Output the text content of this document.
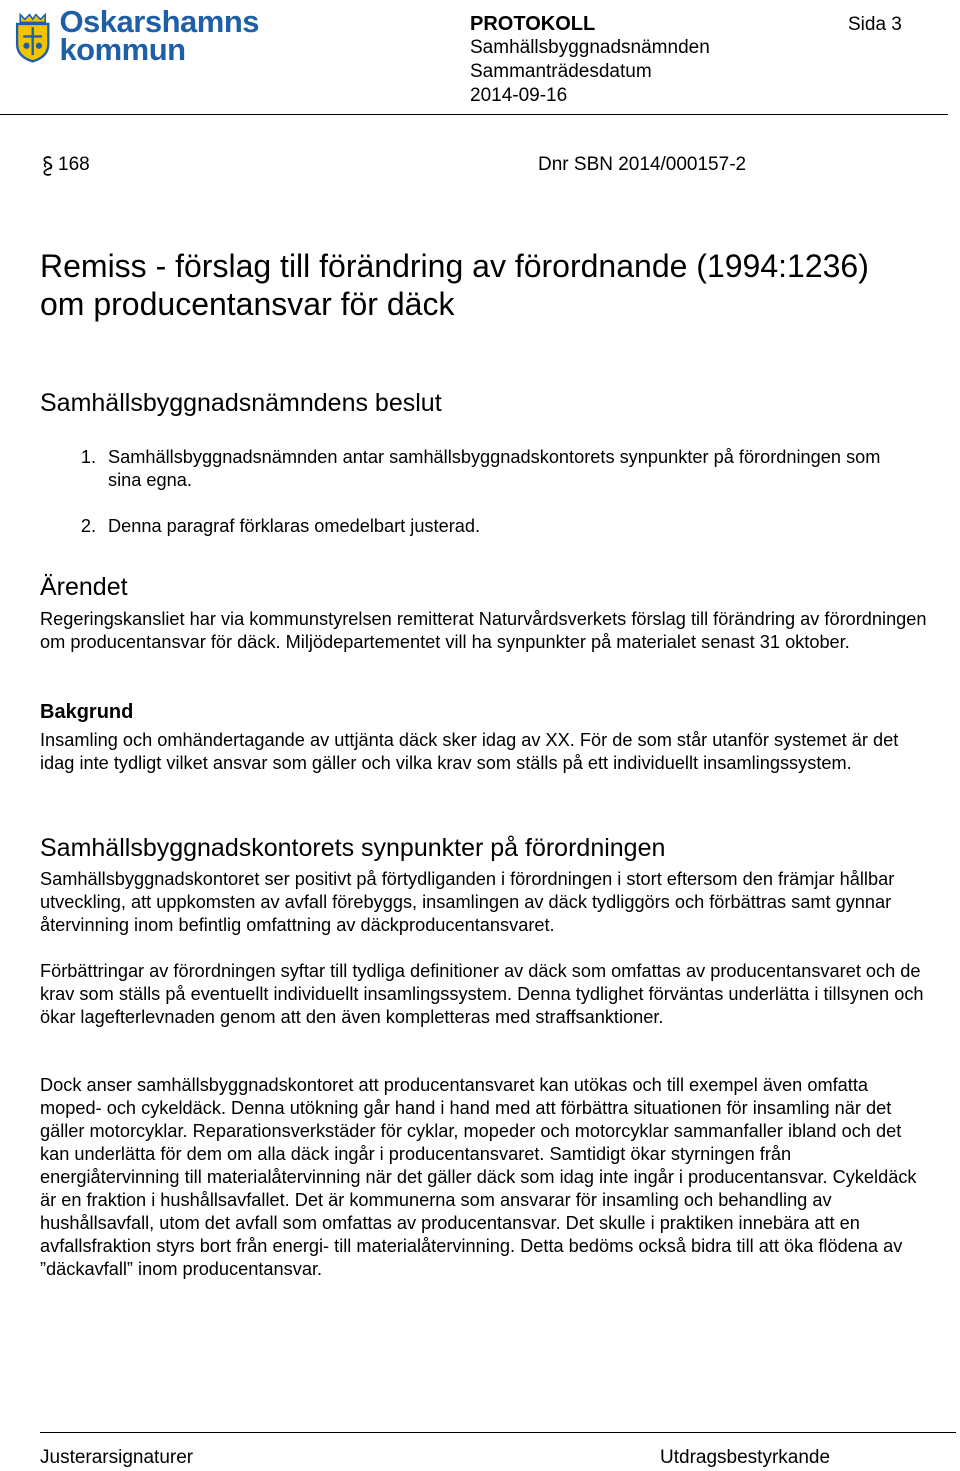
Oskarshamns
kommun
PROTOKOLL
Samhällsbyggnadsnämnden
Sammanträdesdatum
2014-09-16
Sida 3
168	Dnr SBN 2014/000157-2
Remiss - förslag till förändring av förordnande (1994:1236) om producentansvar för däck
Samhällsbyggnadsnämndens beslut
1. Samhällsbyggnadsnämnden antar samhällsbyggnadskontorets synpunkter på förordningen som sina egna.
2. Denna paragraf förklaras omedelbart justerad.
Ärendet

Regeringskansliet har via kommunstyrelsen remitterat Naturvårdsverkets förslag till förändring av förordningen om producentansvar för däck. Miljödepartementet vill ha synpunkter på materialet senast 31 oktober.

Bakgrund

Insamling och omhändertagande av uttjänta däck sker idag av XX. För de som står utanför systemet är det idag inte tydligt vilket ansvar som gäller och vilka krav som ställs på ett individuellt insamlingssystem.

Samhällsbyggnadskontorets synpunkter på förordningen

Samhällsbyggnadskontoret ser positivt på förtydliganden i förordningen i stort eftersom den främjar hållbar utveckling, att uppkomsten av avfall förebyggs, insamlingen av däck tydliggörs och förbättras samt gynnar återvinning inom befintlig omfattning av däckproducentansvaret.

Förbättringar av förordningen syftar till tydliga definitioner av däck som omfattas av producentansvaret och de krav som ställs på eventuellt individuellt insamlingssystem. Denna tydlighet förväntas underlätta i tillsynen och ökar lagefterlevnaden genom att den även kompletteras med straffsanktioner.

Dock anser samhällsbyggnadskontoret att producentansvaret kan utökas och till exempel även omfatta moped- och cykeldäck. Denna utökning går hand i hand med att förbättra situationen för insamling när det gäller motorcyklar. Reparationsverkstäder för cyklar, mopeder och motorcyklar sammanfaller ibland och det kan underlätta för dem om alla däck ingår i producentansvaret. Samtidigt ökar styrningen från energiåtervinning till materialåtervinning när det gäller däck som idag inte ingår i producentansvar. Cykeldäck är en fraktion i hushållsavfallet. Det är kommunerna som ansvarar för insamling och behandling av hushållsavfall, utom det avfall som omfattas av producentansvar. Det skulle i praktiken innebära att en avfallsfraktion styrs bort från energi- till materialåtervinning. Detta bedöms också bidra till att öka flödena av ”däckavfall” inom producentansvar.

Justerarsignaturer	Utdragsbestyrkande
